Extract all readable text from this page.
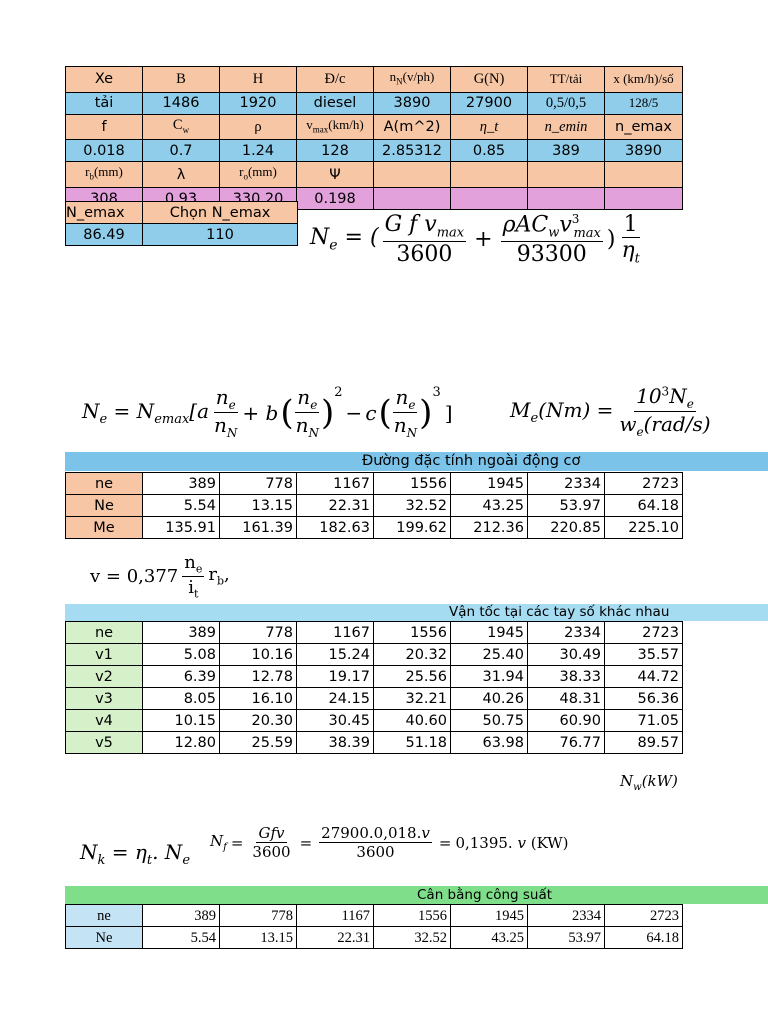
Xe	B	H	Đ/c	$n_N(v/ph)$	G(N)	TT/tải	x (km/h)/số
tải	1486	1920	diesel	3890	27900	0,5/0,5	128/5
f	$C_w$	ρ	$v_{max}(km/h)$	A(m^2)	η_t	n_emin	n_emax
0.018	0.7	1.24	128	2.85312	0.85	389	3890
$r_b(mm)$	λ	$r_o(mm)$	Ψ				
308	0.93	330.20	0.198				
N_emax	Chọn N_emax
86.49	110	$N_e$ = ( $\frac{G f v_{max}}{3600} + \frac{\rho AC_wv^3_{max}}{93300}$ ) $\frac{1}{\eta_t}$
$N_e = N_{emax}[a \frac{n_e}{n_N} + b$ ( $\frac{n_e}{n_N} )^2$
− c ( $\frac{n_e}{n_N} )^3$
]	$M_e(Nm) = \frac{10^3N_e}{w_e(rad/s)}$
Đường đặc tính ngoài động cơ
ne	389	778	1167	1556	1945	2334	2723
Ne	5.54	13.15	22.31	32.52	43.25	53.97	64.18
Me	135.91	161.39	182.63	199.62	212.36	220.85	225.10
$v = 0,377 \frac{n_e}{i_t} r_b$,
Vận tốc tại các tay số khác nhau
ne	389	778	1167	1556	1945	2334	2723
v1	5.08	10.16	15.24	20.32	25.40	30.49	35.57
v2	6.39	12.78	19.17	25.56	31.94	38.33	44.72
v3	8.05	16.10	24.15	32.21	40.26	48.31	56.36
v4	10.15	20.30	30.45	40.60	50.75	60.90	71.05
v5	12.80	25.59	38.39	51.18	63.98	76.77	89.57
$N_w(kW)$
$N_k = \eta_t$. $N_e$
$N_f = \frac{\text{Gfv}}{3600} = \frac{27900.0,018.v}{3600} = 0,1395$. v (KW)
Cân bằng công suất
ne	389	778	1167	1556	1945	2334	2723
Ne	5.54	13.15	22.31	32.52	43.25	53.97	64.18
